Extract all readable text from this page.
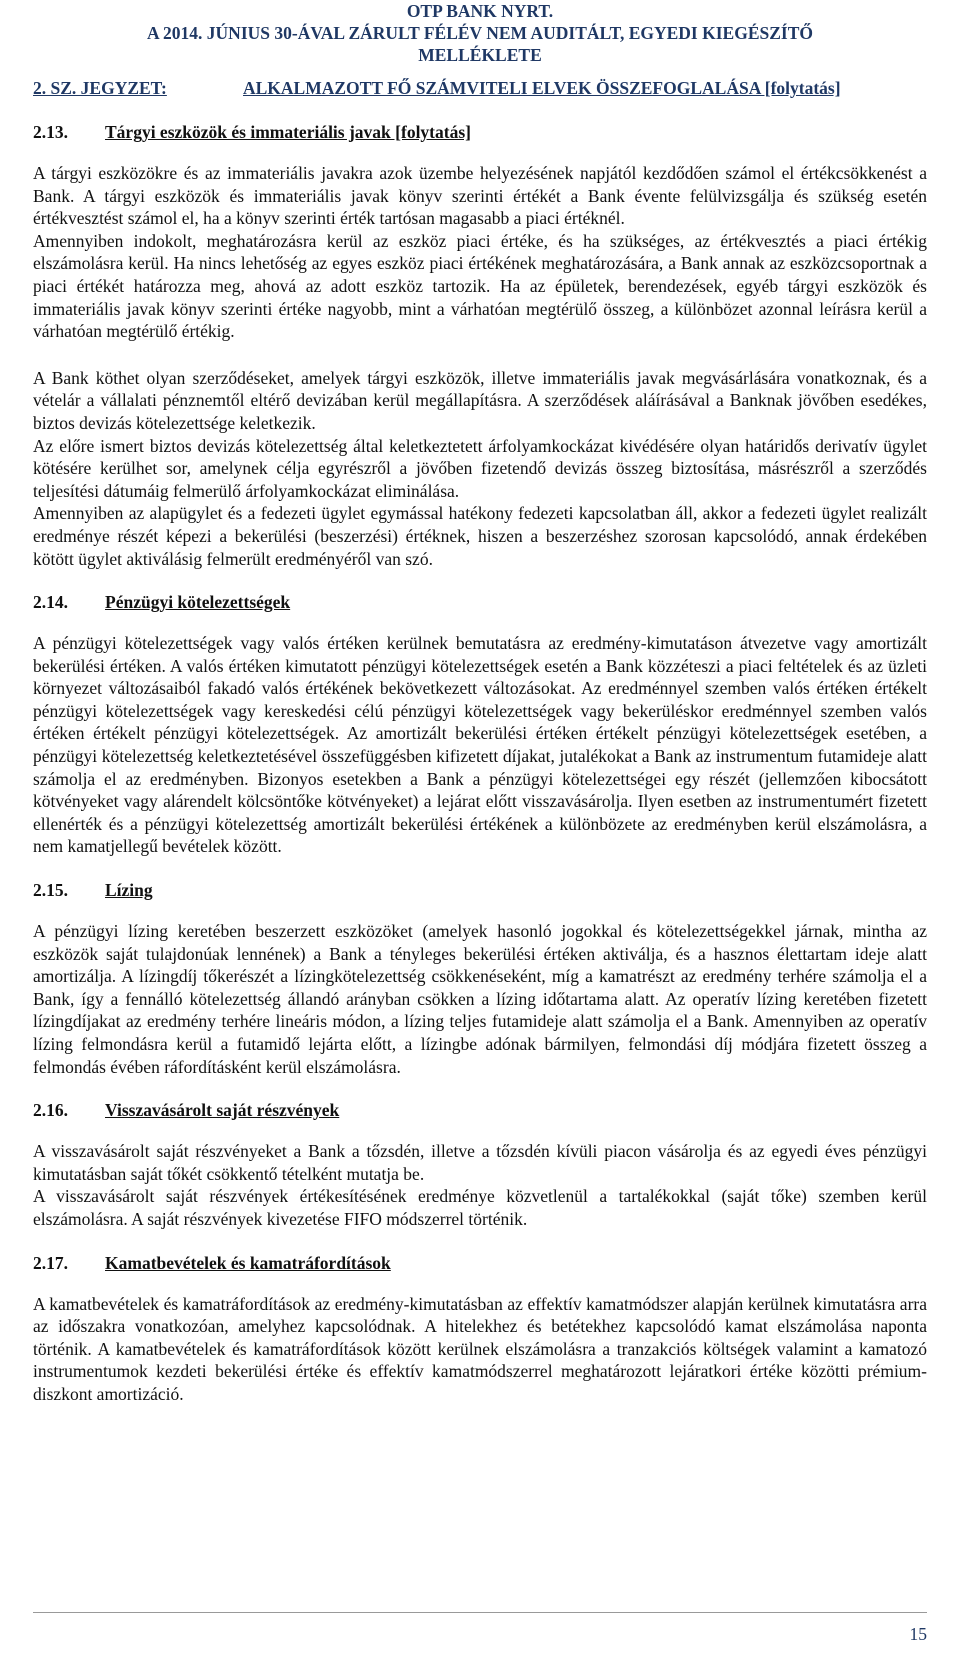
OTP BANK NYRT.
A 2014. JÚNIUS 30-ÁVAL ZÁRULT FÉLÉV NEM AUDITÁLT, EGYEDI KIEGÉSZÍTŐ
MELLÉKLETE
2. SZ. JEGYZET:	ALKALMAZOTT FŐ SZÁMVITELI ELVEK ÖSSZEFOGLALÁSA [folytatás]
2.13.	Tárgyi eszközök és immateriális javak [folytatás]

A tárgyi eszközökre és az immateriális javakra azok üzembe helyezésének napjától kezdődően számol el értékcsökkenést a Bank. A tárgyi eszközök és immateriális javak könyv szerinti értékét a Bank évente felülvizsgálja és szükség esetén értékvesztést számol el, ha a könyv szerinti érték tartósan magasabb a piaci értéknél.

Amennyiben indokolt, meghatározásra kerül az eszköz piaci értéke, és ha szükséges, az értékvesztés a piaci értékig elszámolásra kerül. Ha nincs lehetőség az egyes eszköz piaci értékének meghatározására, a Bank annak az eszközcsoportnak a piaci értékét határozza meg, ahová az adott eszköz tartozik. Ha az épületek, berendezések, egyéb tárgyi eszközök és immateriális javak könyv szerinti értéke nagyobb, mint a várhatóan megtérülő összeg, a különbözet azonnal leírásra kerül a várhatóan megtérülő értékig.

A Bank köthet olyan szerződéseket, amelyek tárgyi eszközök, illetve immateriális javak megvásárlására vonatkoznak, és a vételár a vállalati pénznemtől eltérő devizában kerül megállapításra. A szerződések aláírásával a Banknak jövőben esedékes, biztos devizás kötelezettsége keletkezik.

Az előre ismert biztos devizás kötelezettség által keletkeztetett árfolyamkockázat kivédésére olyan határidős derivatív ügylet kötésére kerülhet sor, amelynek célja egyrészről a jövőben fizetendő devizás összeg biztosítása, másrészről a szerződés teljesítési dátumáig felmerülő árfolyamkockázat eliminálása.

Amennyiben az alapügylet és a fedezeti ügylet egymással hatékony fedezeti kapcsolatban áll, akkor a fedezeti ügylet realizált eredménye részét képezi a bekerülési (beszerzési) értéknek, hiszen a beszerzéshez szorosan kapcsolódó, annak érdekében kötött ügylet aktiválásig felmerült eredményéről van szó.

2.14.	Pénzügyi kötelezettségek

A pénzügyi kötelezettségek vagy valós értéken kerülnek bemutatásra az eredmény-kimutatáson átvezetve vagy amortizált bekerülési értéken. A valós értéken kimutatott pénzügyi kötelezettségek esetén a Bank közzéteszi a piaci feltételek és az üzleti környezet változásaiból fakadó valós értékének bekövetkezett változásokat. Az eredménnyel szemben valós értéken értékelt pénzügyi kötelezettségek vagy kereskedési célú pénzügyi kötelezettségek vagy bekerüléskor eredménnyel szemben valós értéken értékelt pénzügyi kötelezettségek. Az amortizált bekerülési értéken értékelt pénzügyi kötelezettségek esetében, a pénzügyi kötelezettség keletkeztetésével összefüggésben kifizetett díjakat, jutalékokat a Bank az instrumentum futamideje alatt számolja el az eredményben. Bizonyos esetekben a Bank a pénzügyi kötelezettségei egy részét (jellemzően kibocsátott kötvényeket vagy alárendelt kölcsöntőke kötvényeket) a lejárat előtt visszavásárolja. Ilyen esetben az instrumentumért fizetett ellenérték és a pénzügyi kötelezettség amortizált bekerülési értékének a különbözete az eredményben kerül elszámolásra, a nem kamatjellegű bevételek között.

2.15.	Lízing

A pénzügyi lízing keretében beszerzett eszközöket (amelyek hasonló jogokkal és kötelezettségekkel járnak, mintha az eszközök saját tulajdonúak lennének) a Bank a tényleges bekerülési értéken aktiválja, és a hasznos élettartam ideje alatt amortizálja. A lízingdíj tőkerészét a lízingkötelezettség csökkenéseként, míg a kamatrészt az eredmény terhére számolja el a Bank, így a fennálló kötelezettség állandó arányban csökken a lízing időtartama alatt. Az operatív lízing keretében fizetett lízingdíjakat az eredmény terhére lineáris módon, a lízing teljes futamideje alatt számolja el a Bank. Amennyiben az operatív lízing felmondásra kerül a futamidő lejárta előtt, a lízingbe adónak bármilyen, felmondási díj módjára fizetett összeg a felmondás évében ráfordításként kerül elszámolásra.

2.16.	Visszavásárolt saját részvények

A visszavásárolt saját részvényeket a Bank a tőzsdén, illetve a tőzsdén kívüli piacon vásárolja és az egyedi éves pénzügyi kimutatásban saját tőkét csökkentő tételként mutatja be.

A visszavásárolt saját részvények értékesítésének eredménye közvetlenül a tartalékokkal (saját tőke) szemben kerül elszámolásra. A saját részvények kivezetése FIFO módszerrel történik.

2.17.	Kamatbevételek és kamatráfordítások

A kamatbevételek és kamatráfordítások az eredmény-kimutatásban az effektív kamatmódszer alapján kerülnek kimutatásra arra az időszakra vonatkozóan, amelyhez kapcsolódnak. A hitelekhez és betétekhez kapcsolódó kamat elszámolása naponta történik. A kamatbevételek és kamatráfordítások között kerülnek elszámolásra a tranzakciós költségek valamint a kamatozó instrumentumok kezdeti bekerülési értéke és effektív kamatmódszerrel meghatározott lejáratkori értéke közötti prémium-diszkont amortizáció.

15
